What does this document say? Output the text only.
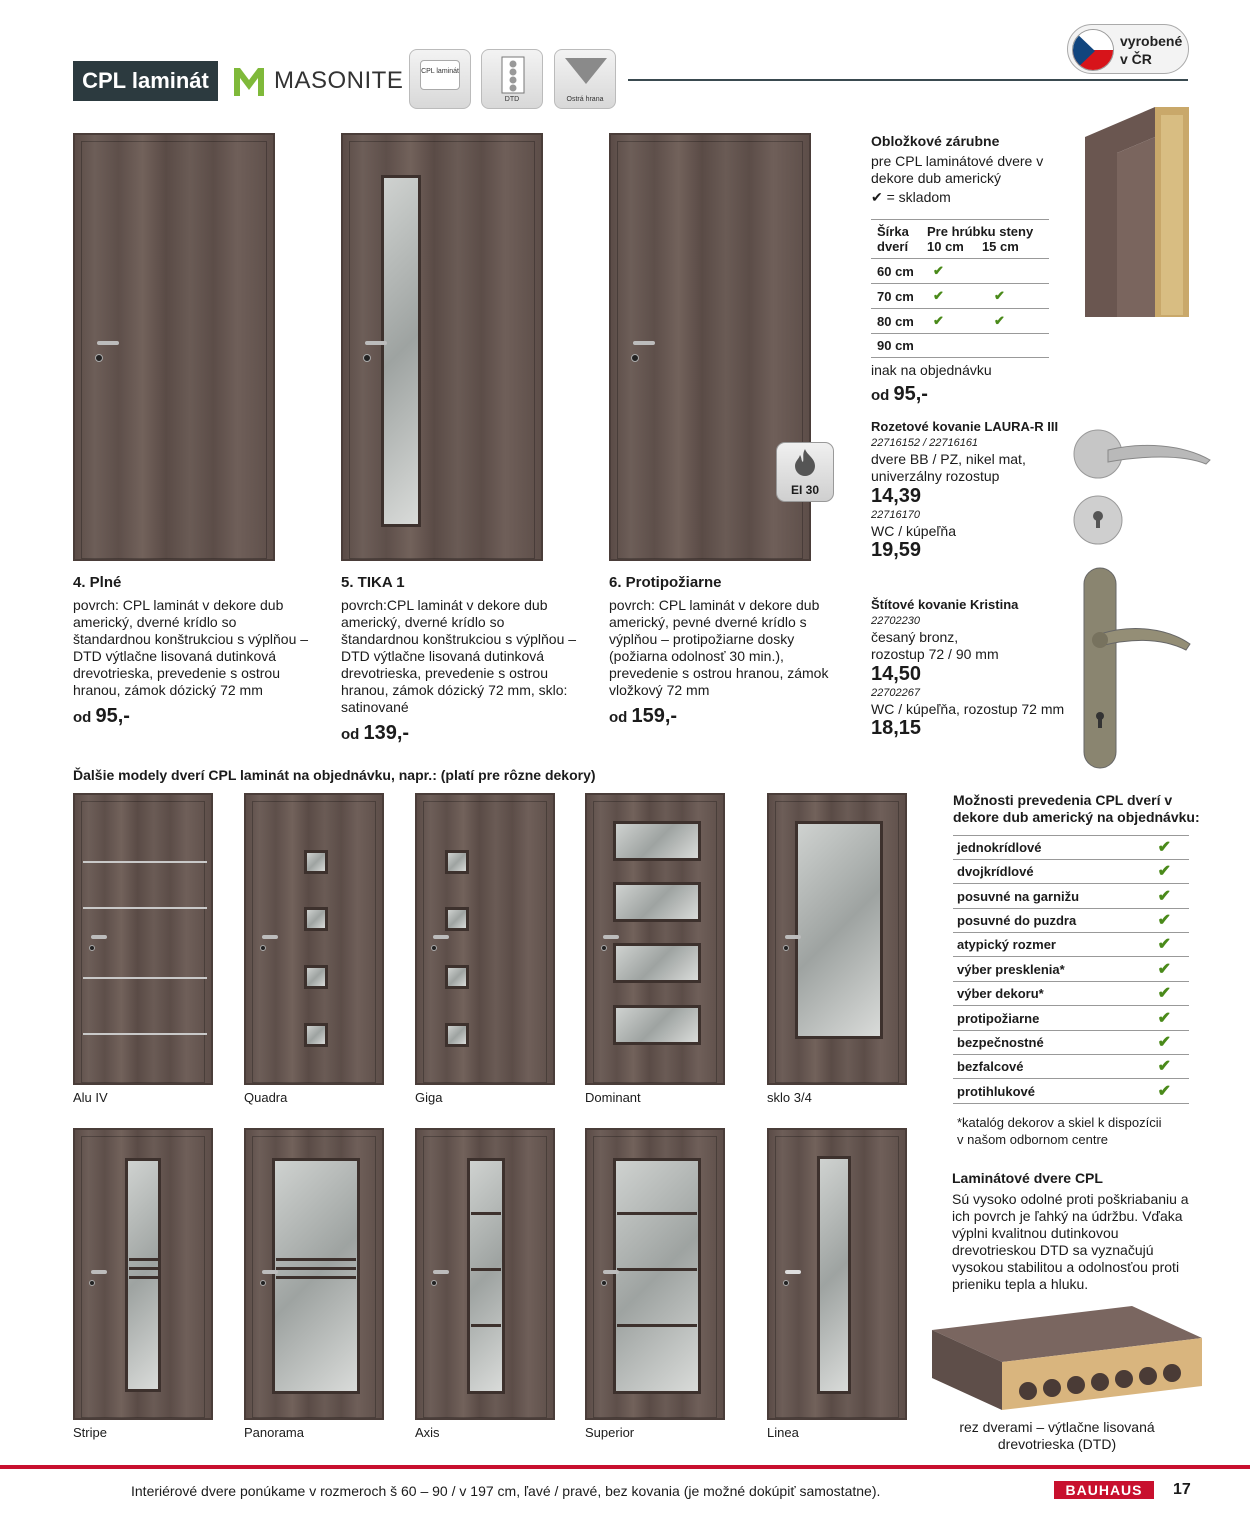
CPL laminát	MASONITE	CPL laminát
DTD	Ostrá hrana
vyrobené v ČR
EI 30
4. Plné
povrch: CPL laminát v dekore dub americký, dverné krídlo so štandardnou konštrukciou s výplňou – DTD výtlačne lisovaná dutinková drevotrieska, prevedenie s ostrou hranou, zámok dózický 72 mm
od 95,-
5. TIKA 1
povrch:CPL laminát v dekore dub americký, dverné krídlo so štandardnou konštrukciou s výplňou – DTD výtlačne lisovaná dutinková drevotrieska, prevedenie s ostrou hranou, zámok dózický 72 mm, sklo: satinované
od 139,-
6. Protipožiarne
povrch: CPL laminát v dekore dub americký, pevné dverné krídlo s výplňou – protipožiarne dosky (požiarna odolnosť 30 min.), prevedenie s ostrou hranou, zámok vložkový 72 mm
od 159,-
Obložkové zárubne
pre CPL laminátové dvere v dekore dub americký
✔ = skladom
Šírka dverí	Pre hrúbku steny
10 cm 15 cm	
60 cm	✔	
70 cm	✔	✔
80 cm	✔	✔
90 cm		
inak na objednávku
od 95,-
Rozetové kovanie LAURA-R III
22716152 / 22716161
dvere BB / PZ, nikel mat, univerzálny rozostup
14,39
22716170
WC / kúpeľňa
19,59
Štítové kovanie Kristina
22702230
česaný bronz, rozostup 72 / 90 mm
14,50
22702267
WC / kúpeľňa, rozostup 72 mm
18,15
Ďalšie modely dverí CPL laminát na objednávku, napr.: (platí pre rôzne dekory)
Alu IV	Quadra	Giga	Dominant	sklo 3/4
Stripe	Panorama	Axis	Superior	Linea
Možnosti prevedenia CPL dverí v dekore dub americký na objednávku:
jednokrídlové	✔
dvojkrídlové	✔
posuvné na garnižu	✔
posuvné do puzdra	✔
atypický rozmer	✔
výber presklenia*	✔
výber dekoru*	✔
protipožiarne	✔
bezpečnostné	✔
bezfalcové	✔
protihlukové	✔
*katalóg dekorov a skiel k dispozícii v našom odbornom centre
Laminátové dvere CPL
Sú vysoko odolné proti poškriabaniu a ich povrch je ľahký na údržbu. Vďaka výplni kvalitnou dutinkovou drevotrieskou DTD sa vyznačujú vysokou stabilitou a odolnosťou proti prieniku tepla a hluku.
rez dverami – výtlačne lisovaná drevotrieska (DTD)
Interiérové dvere ponúkame v rozmeroch š 60 – 90 / v 197 cm, ľavé / pravé, bez kovania (je možné dokúpiť samostatne).	BAUHAUS	17
